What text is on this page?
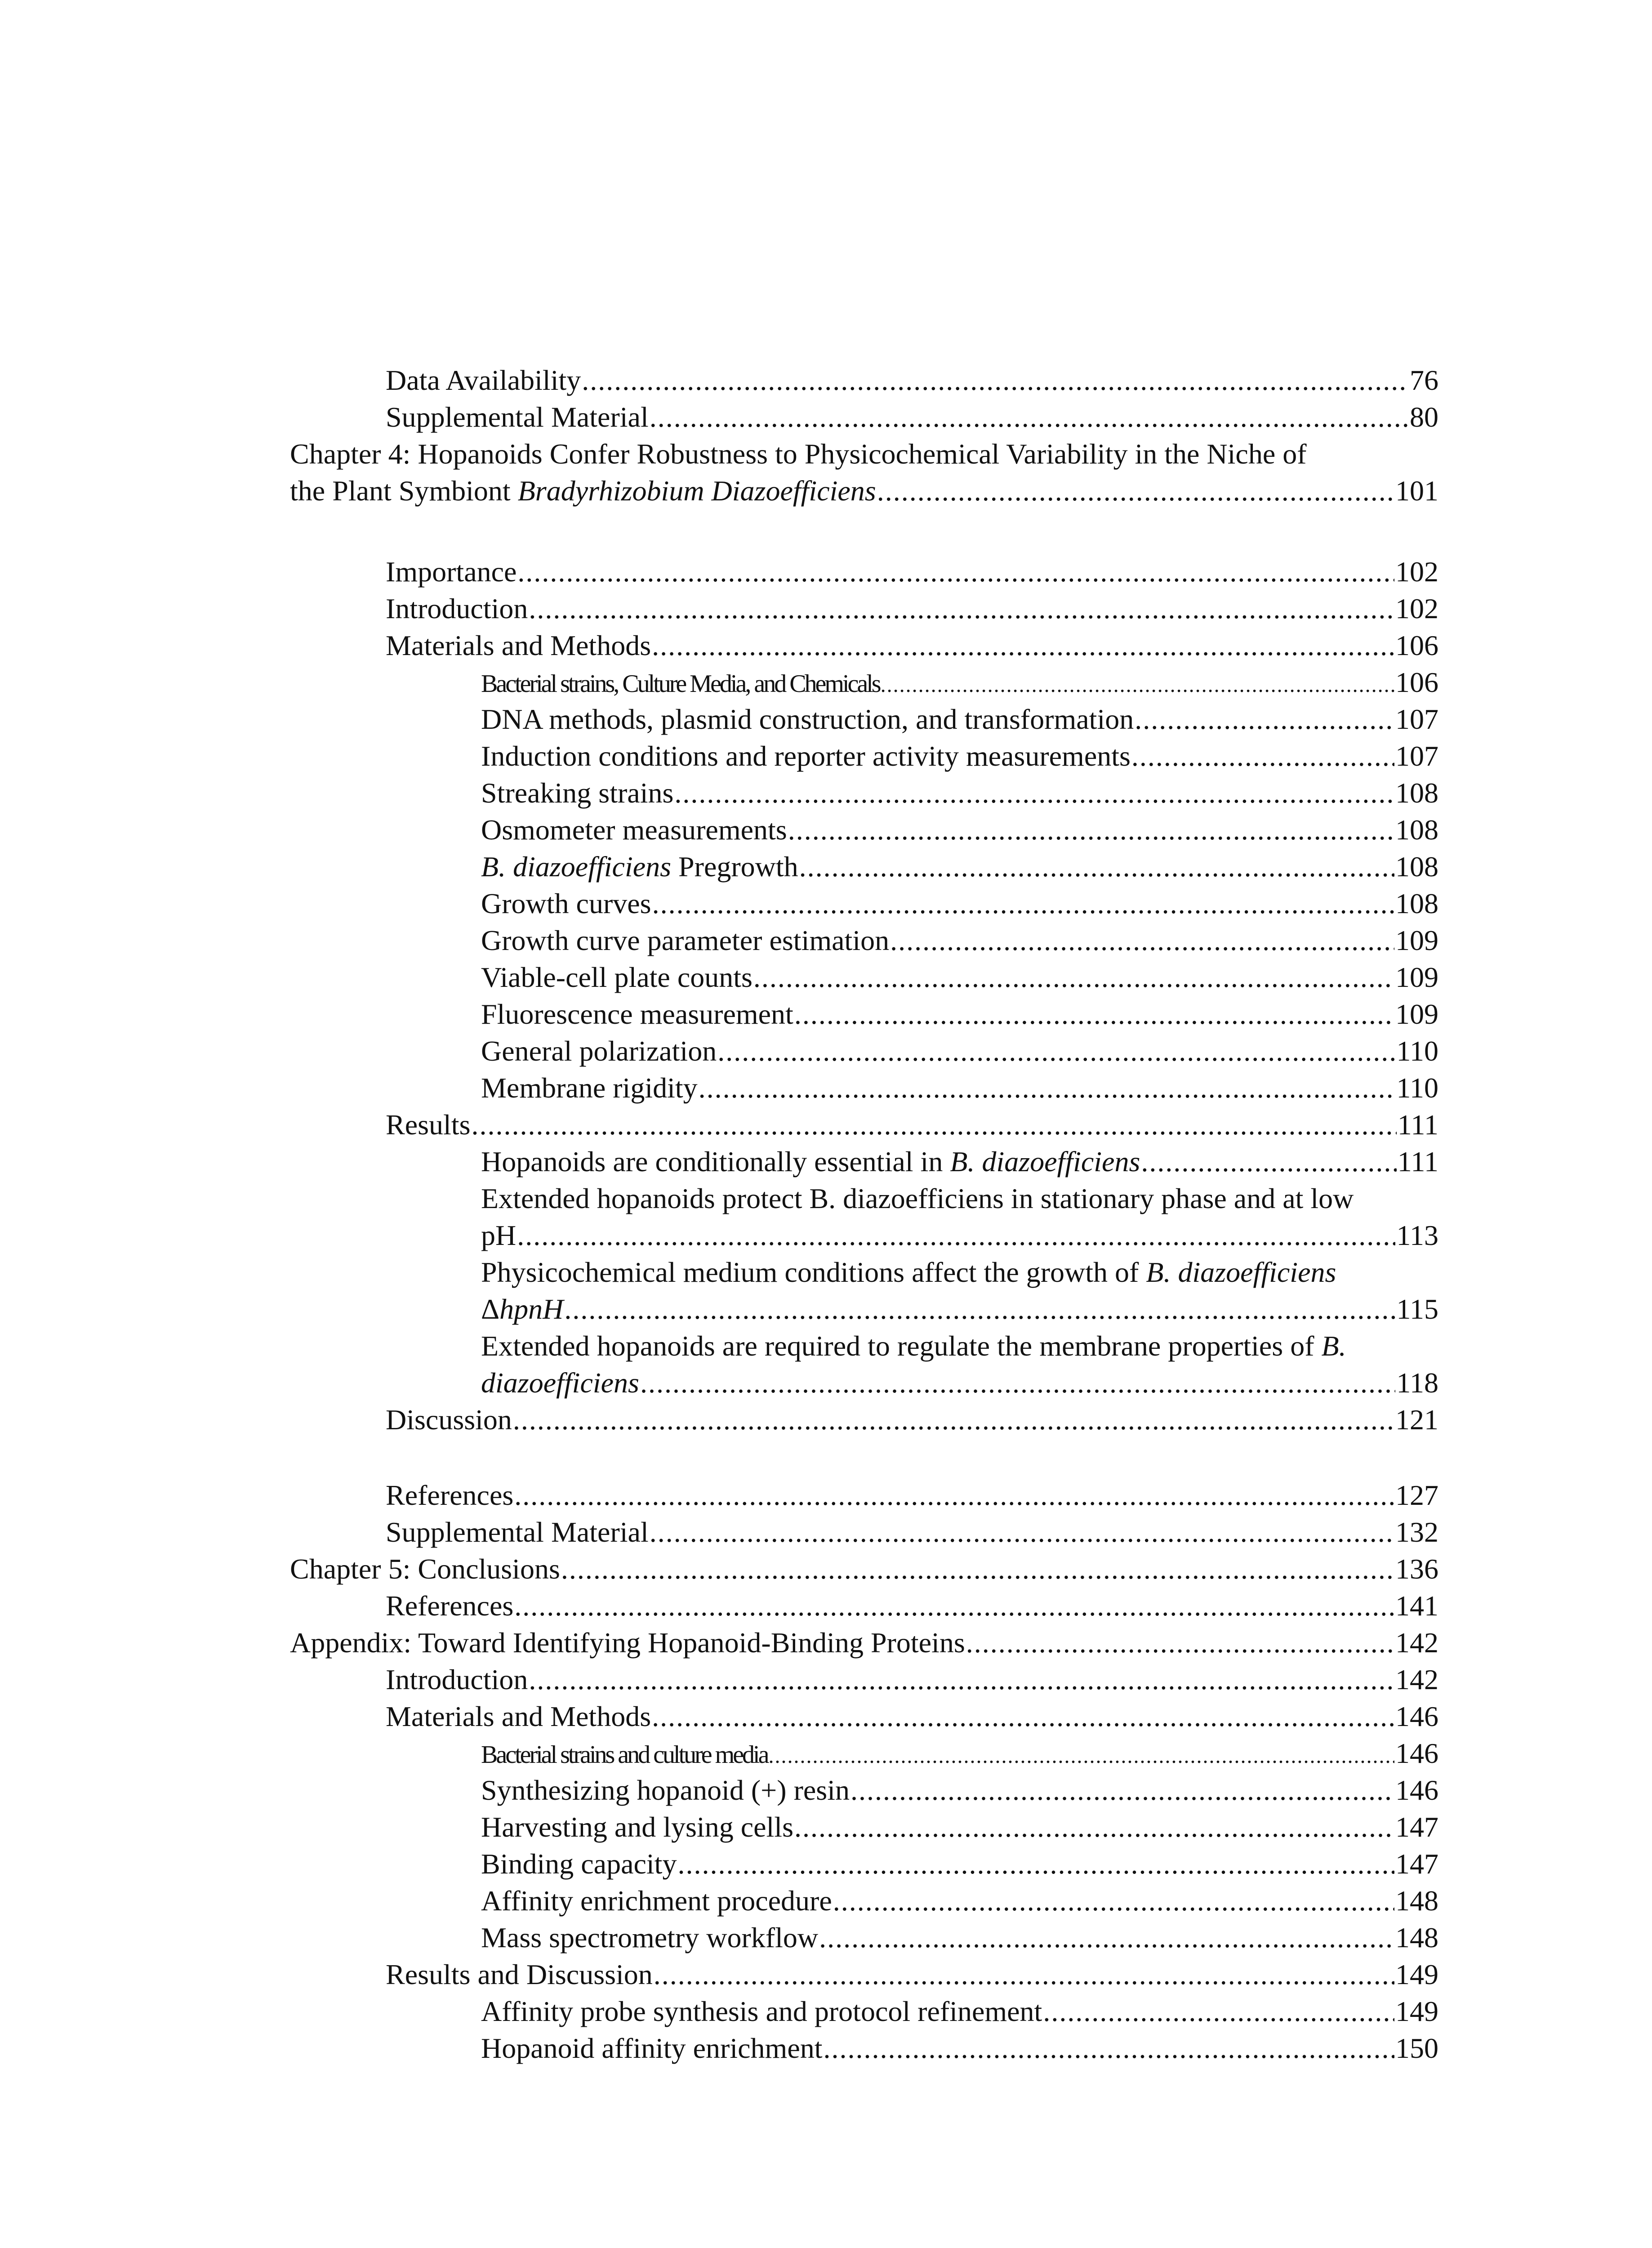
Data Availability .....	76
Supplemental Material .....	80
Chapter 4: Hopanoids Confer Robustness to Physicochemical Variability in the Niche of
the Plant Symbiont Bradyrhizobium Diazoefficiens .....	101
Importance .....	102
Introduction .....	102
Materials and Methods .....	106
Bacterial strains, Culture Media, and Chemicals .....	106
DNA methods, plasmid construction, and transformation .....	107
Induction conditions and reporter activity measurements .....	107
Streaking strains .....	108
Osmometer measurements .....	108
B. diazoefficiens Pregrowth .....	108
Growth curves .....	108
Growth curve parameter estimation .....	109
Viable-cell plate counts .....	109
Fluorescence measurement .....	109
General polarization .....	110
Membrane rigidity .....	110
Results .....	111
Hopanoids are conditionally essential in B. diazoefficiens .....	111
Extended hopanoids protect B. diazoefficiens in stationary phase and at low
pH .....	113
Physicochemical medium conditions affect the growth of B. diazoefficiens
ΔhpnH .....	115
Extended hopanoids are required to regulate the membrane properties of B.
diazoefficiens .....	118
Discussion .....	121
References .....	127
Supplemental Material .....	132
Chapter 5: Conclusions .....	136
References .....	141
Appendix: Toward Identifying Hopanoid-Binding Proteins .....	142
Introduction .....	142
Materials and Methods .....	146
Bacterial strains and culture media .....	146
Synthesizing hopanoid (+) resin .....	146
Harvesting and lysing cells .....	147
Binding capacity .....	147
Affinity enrichment procedure .....	148
Mass spectrometry workflow .....	148
Results and Discussion .....	149
Affinity probe synthesis and protocol refinement .....	149
Hopanoid affinity enrichment .....	150
